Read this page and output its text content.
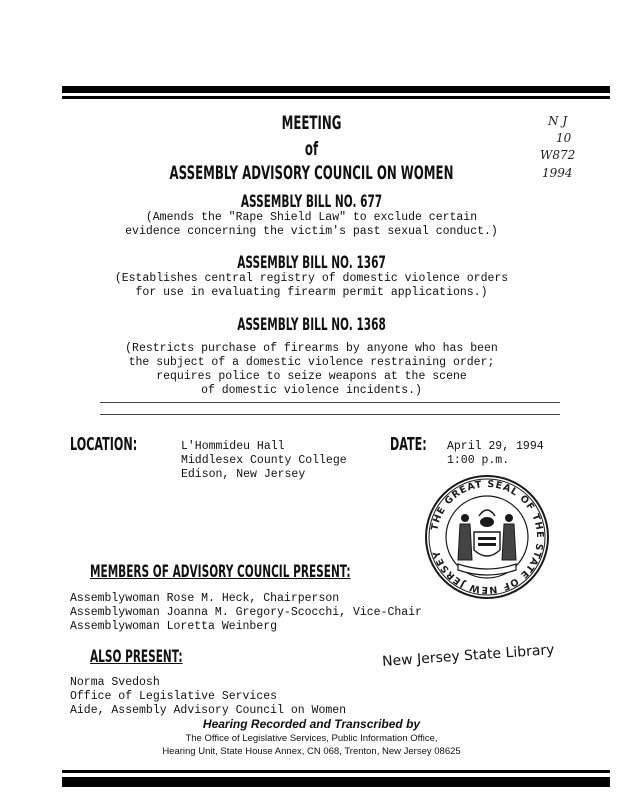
MEETING
of
ASSEMBLY ADVISORY COUNCIL ON WOMEN
N J
10
W872
1994
ASSEMBLY BILL NO. 677
(Amends the "Rape Shield Law" to exclude certain
evidence concerning the victim's past sexual conduct.)
ASSEMBLY BILL NO. 1367
(Establishes central registry of domestic violence orders
for use in evaluating firearm permit applications.)
ASSEMBLY BILL NO. 1368
(Restricts purchase of firearms by anyone who has been
the subject of a domestic violence restraining order;
requires police to seize weapons at the scene
of domestic violence incidents.)
LOCATION:	L'Hommideu Hall
Middlesex County College
Edison, New Jersey
DATE: April 29, 1994
1:00 p.m.
THE GREAT SEAL OF THE STATE OF NEW JERSEY
MEMBERS OF ADVISORY COUNCIL PRESENT:
Assemblywoman Rose M. Heck, Chairperson
Assemblywoman Joanna M. Gregory-Scocchi, Vice-Chair
Assemblywoman Loretta Weinberg
ALSO PRESENT:	New Jersey State Library
Norma Svedosh
Office of Legislative Services
Aide, Assembly Advisory Council on Women
Hearing Recorded and Transcribed by
The Office of Legislative Services, Public Information Office,
Hearing Unit, State House Annex, CN 068, Trenton, New Jersey 08625
